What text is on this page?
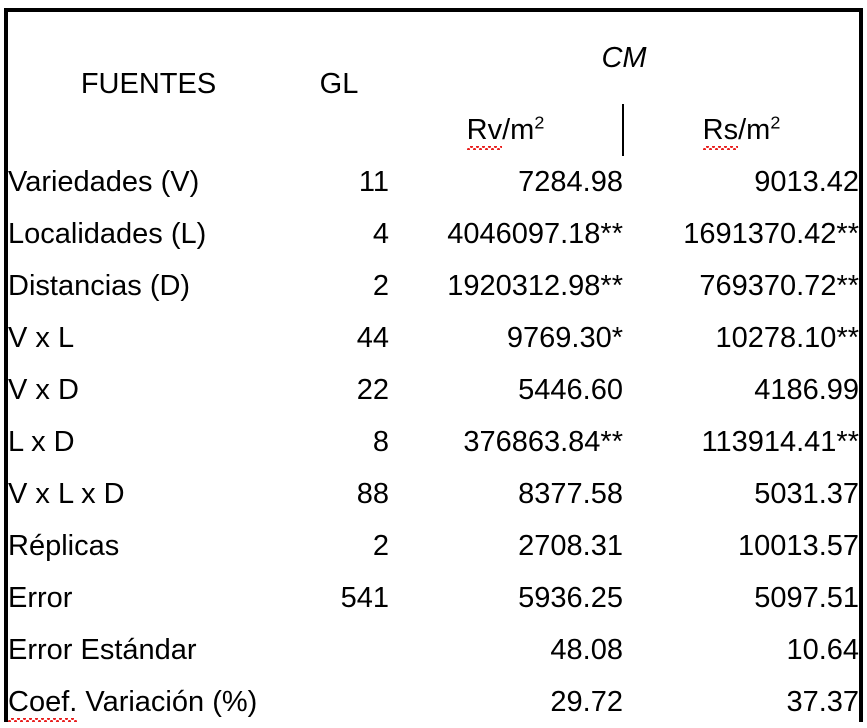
FUENTES	GL	CM	
		$Rv/m^2$	$Rs/m^2$
Variedades (V)	11	7284.98	9013.42
Localidades (L)	4	4046097.18**	1691370.42**
Distancias (D)	2	1920312.98**	769370.72**
V x L	44	9769.30*	10278.10**
V x D	22	5446.60	4186.99
L x D	8	376863.84**	113914.41**
V x L x D	88	8377.58	5031.37
Réplicas	2	2708.31	10013.57
Error	541	5936.25	5097.51
Error Estándar		48.08	10.64
Coef. Variación (%)		29.72	37.37
